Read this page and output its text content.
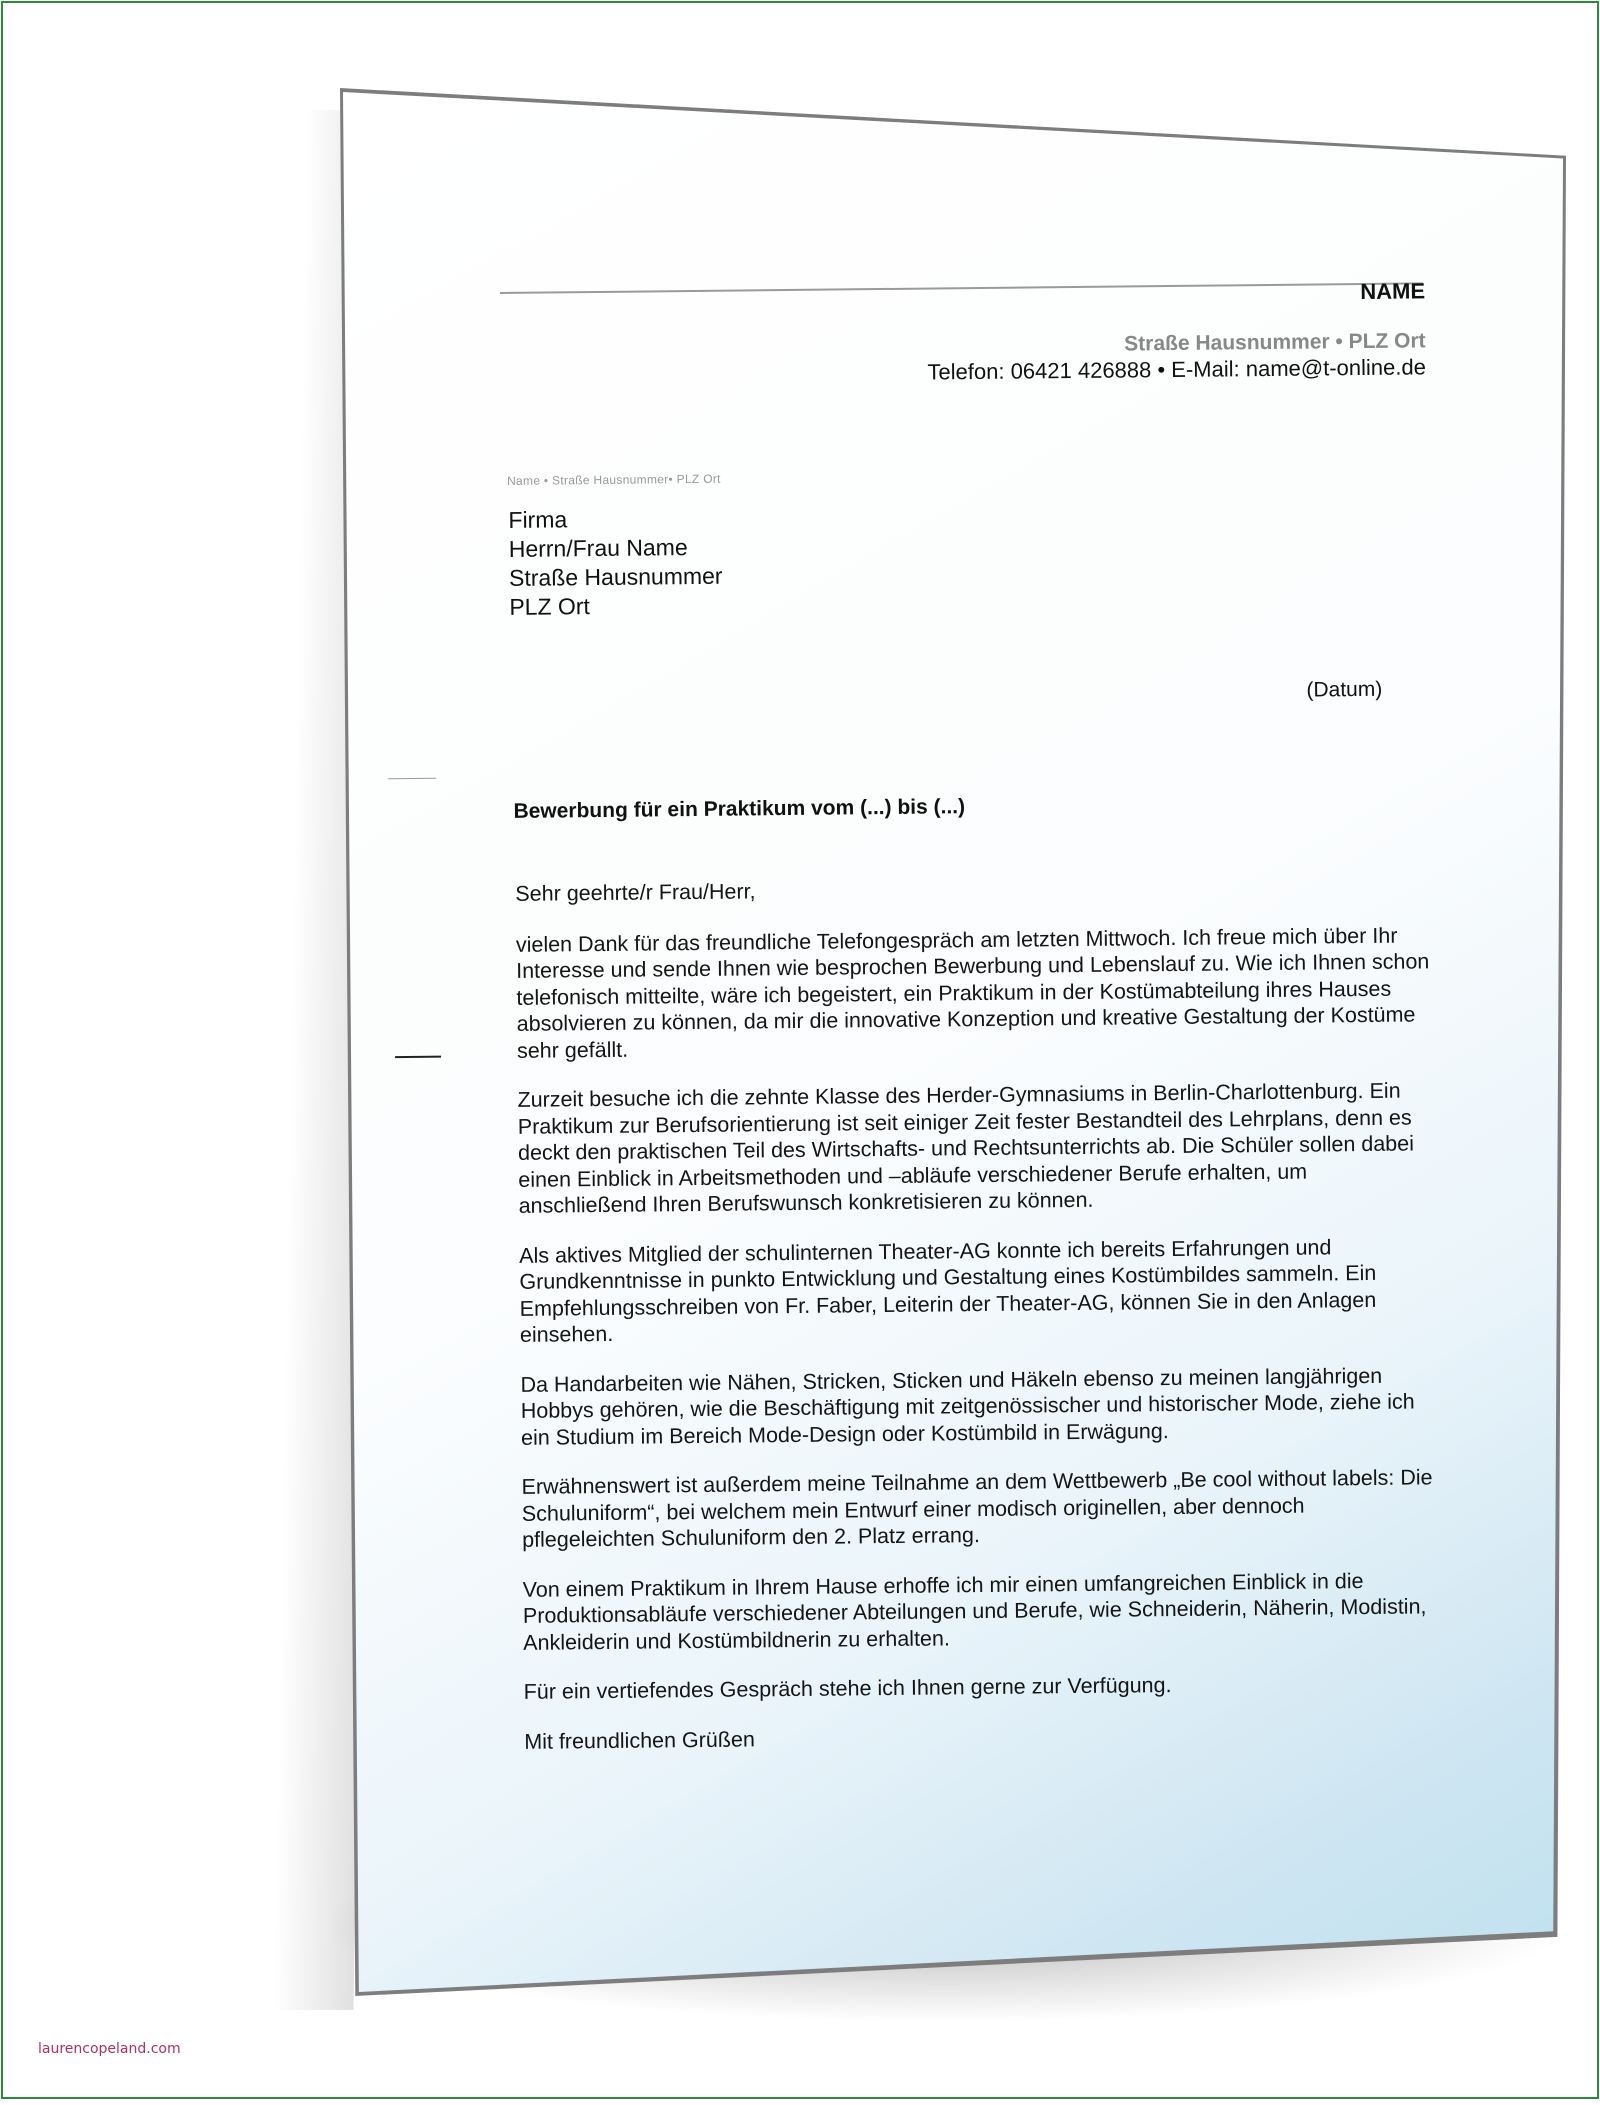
NAME
Straße Hausnummer • PLZ Ort
Telefon: 06421 426888 • E-Mail: name@t-online.de
Name • Straße Hausnummer• PLZ Ort
Firma
Herrn/Frau Name
Straße Hausnummer
PLZ Ort
(Datum)
Bewerbung für ein Praktikum vom (...) bis (...)

Sehr geehrte/r Frau/Herr,

vielen Dank für das freundliche Telefongespräch am letzten Mittwoch. Ich freue mich über Ihr Interesse und sende Ihnen wie besprochen Bewerbung und Lebenslauf zu. Wie ich Ihnen schon telefonisch mitteilte, wäre ich begeistert, ein Praktikum in der Kostümabteilung ihres Hauses absolvieren zu können, da mir die innovative Konzeption und kreative Gestaltung der Kostüme sehr gefällt.

Zurzeit besuche ich die zehnte Klasse des Herder-Gymnasiums in Berlin-Charlottenburg. Ein Praktikum zur Berufsorientierung ist seit einiger Zeit fester Bestandteil des Lehrplans, denn es deckt den praktischen Teil des Wirtschafts- und Rechtsunterrichts ab. Die Schüler sollen dabei einen Einblick in Arbeitsmethoden und –abläufe verschiedener Berufe erhalten, um anschließend Ihren Berufswunsch konkretisieren zu können.

Als aktives Mitglied der schulinternen Theater-AG konnte ich bereits Erfahrungen und Grundkenntnisse in punkto Entwicklung und Gestaltung eines Kostümbildes sammeln. Ein Empfehlungsschreiben von Fr. Faber, Leiterin der Theater-AG, können Sie in den Anlagen einsehen.

Da Handarbeiten wie Nähen, Stricken, Sticken und Häkeln ebenso zu meinen langjährigen Hobbys gehören, wie die Beschäftigung mit zeitgenössischer und historischer Mode, ziehe ich ein Studium im Bereich Mode-Design oder Kostümbild in Erwägung.

Erwähnenswert ist außerdem meine Teilnahme an dem Wettbewerb „Be cool without labels: Die Schuluniform“, bei welchem mein Entwurf einer modisch originellen, aber dennoch pflegeleichten Schuluniform den 2. Platz errang.

Von einem Praktikum in Ihrem Hause erhoffe ich mir einen umfangreichen Einblick in die Produktionsabläufe verschiedener Abteilungen und Berufe, wie Schneiderin, Näherin, Modistin, Ankleiderin und Kostümbildnerin zu erhalten.

Für ein vertiefendes Gespräch stehe ich Ihnen gerne zur Verfügung.

Mit freundlichen Grüßen

laurencopeland.com
